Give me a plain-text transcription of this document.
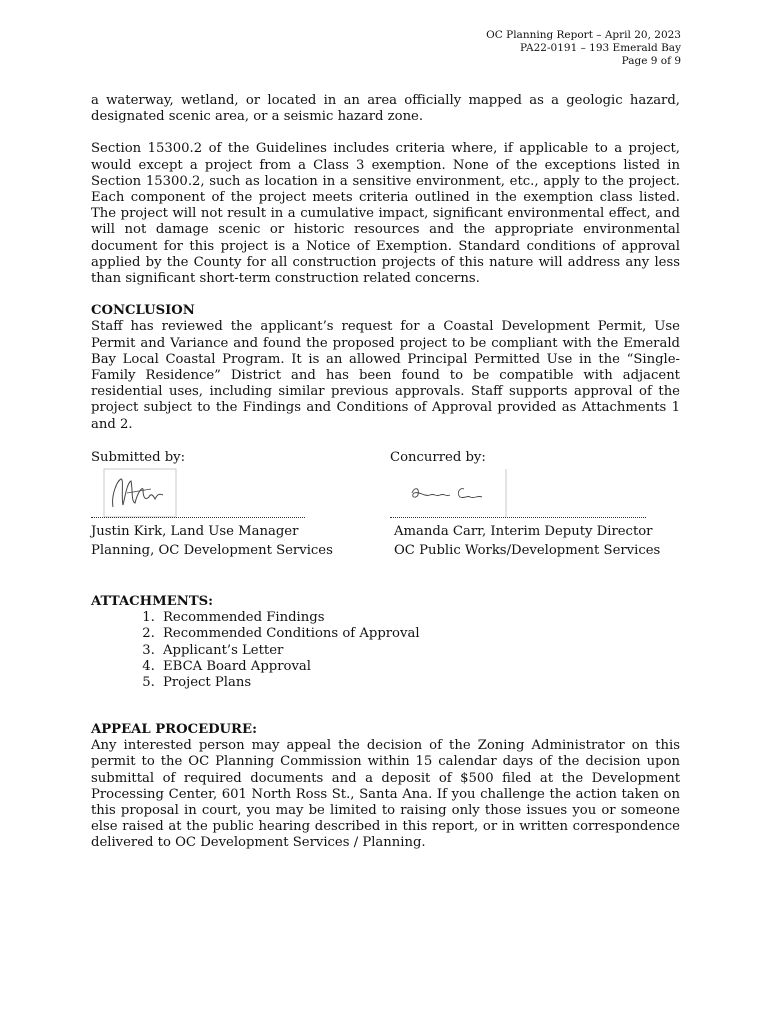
OC Planning Report – April 20, 2023
PA22-0191 – 193 Emerald Bay
Page 9 of 9

a waterway, wetland, or located in an area officially mapped as a geologic hazard, designated scenic area, or a seismic hazard zone.

Section 15300.2 of the Guidelines includes criteria where, if applicable to a project, would except a project from a Class 3 exemption. None of the exceptions listed in Section 15300.2, such as location in a sensitive environment, etc., apply to the project. Each component of the project meets criteria outlined in the exemption class listed. The project will not result in a cumulative impact, significant environmental effect, and will not damage scenic or historic resources and the appropriate environmental document for this project is a Notice of Exemption. Standard conditions of approval applied by the County for all construction projects of this nature will address any less than significant short-term construction related concerns.

CONCLUSION

Staff has reviewed the applicant’s request for a Coastal Development Permit, Use Permit and Variance and found the proposed project to be compliant with the Emerald Bay Local Coastal Program. It is an allowed Principal Permitted Use in the “Single-Family Residence” District and has been found to be compatible with adjacent residential uses, including similar previous approvals. Staff supports approval of the project subject to the Findings and Conditions of Approval provided as Attachments 1 and 2.

Submitted by:
Justin Kirk, Land Use Manager
Planning, OC Development Services
Concurred by:
Amanda Carr, Interim Deputy Director
OC Public Works/Development Services

ATTACHMENTS:

1. Recommended Findings
2. Recommended Conditions of Approval
3. Applicant’s Letter
4. EBCA Board Approval
5. Project Plans

APPEAL PROCEDURE:

Any interested person may appeal the decision of the Zoning Administrator on this permit to the OC Planning Commission within 15 calendar days of the decision upon submittal of required documents and a deposit of $500 filed at the Development Processing Center, 601 North Ross St., Santa Ana. If you challenge the action taken on this proposal in court, you may be limited to raising only those issues you or someone else raised at the public hearing described in this report, or in written correspondence delivered to OC Development Services / Planning.
